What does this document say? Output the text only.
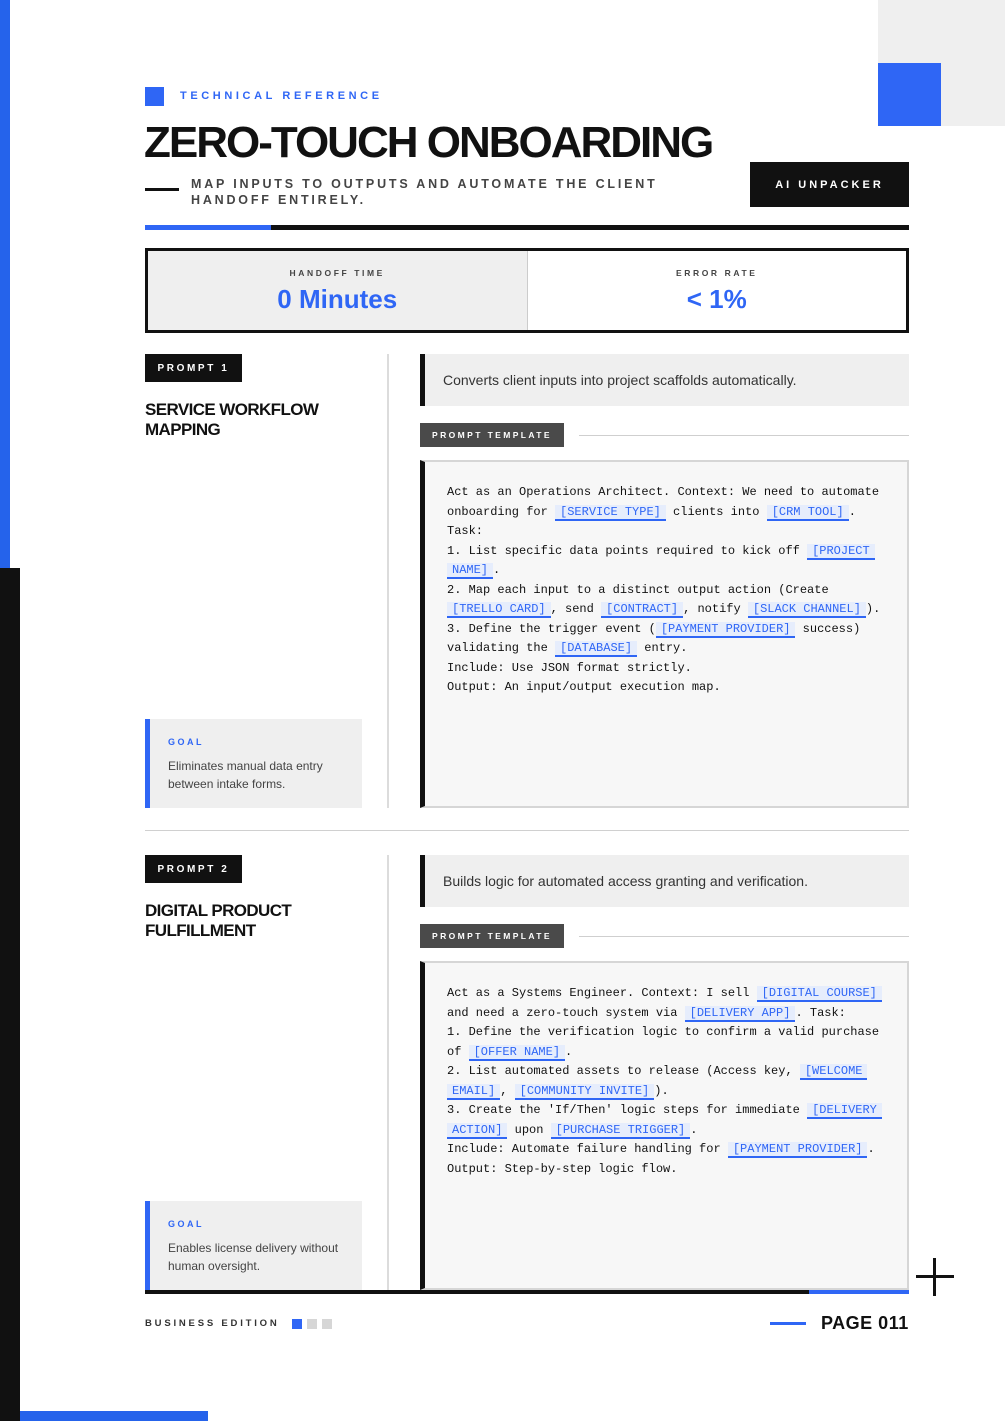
TECHNICAL REFERENCE
ZERO-TOUCH ONBOARDING
MAP INPUTS TO OUTPUTS AND AUTOMATE THE CLIENT HANDOFF ENTIRELY.
AI UNPACKER
HANDOFF TIME
0 Minutes
ERROR RATE
< 1%
PROMPT 1
SERVICE WORKFLOW MAPPING
GOAL
Eliminates manual data entry between intake forms.
Converts client inputs into project scaffolds automatically.
PROMPT TEMPLATE
Act as an Operations Architect. Context: We need to automate
onboarding for [SERVICE TYPE] clients into [CRM TOOL] .
Task:
1. List specific data points required to kick off [PROJECT
NAME] .
2. Map each input to a distinct output action (Create
[TRELLO CARD] , send [CONTRACT] , notify [SLACK CHANNEL] ).
3. Define the trigger event ( [PAYMENT PROVIDER] success)
validating the [DATABASE] entry.
Include: Use JSON format strictly.
Output: An input/output execution map.
PROMPT 2
DIGITAL PRODUCT FULFILLMENT
GOAL
Enables license delivery without human oversight.
Builds logic for automated access granting and verification.
PROMPT TEMPLATE
Act as a Systems Engineer. Context: I sell [DIGITAL COURSE]
and need a zero-touch system via [DELIVERY APP] . Task:
1. Define the verification logic to confirm a valid purchase
of [OFFER NAME] .
2. List automated assets to release (Access key, [WELCOME
EMAIL] , [COMMUNITY INVITE] ).
3. Create the 'If/Then' logic steps for immediate [DELIVERY
ACTION] upon [PURCHASE TRIGGER] .
Include: Automate failure handling for [PAYMENT PROVIDER] .
Output: Step-by-step logic flow.
BUSINESS EDITION	PAGE 011
